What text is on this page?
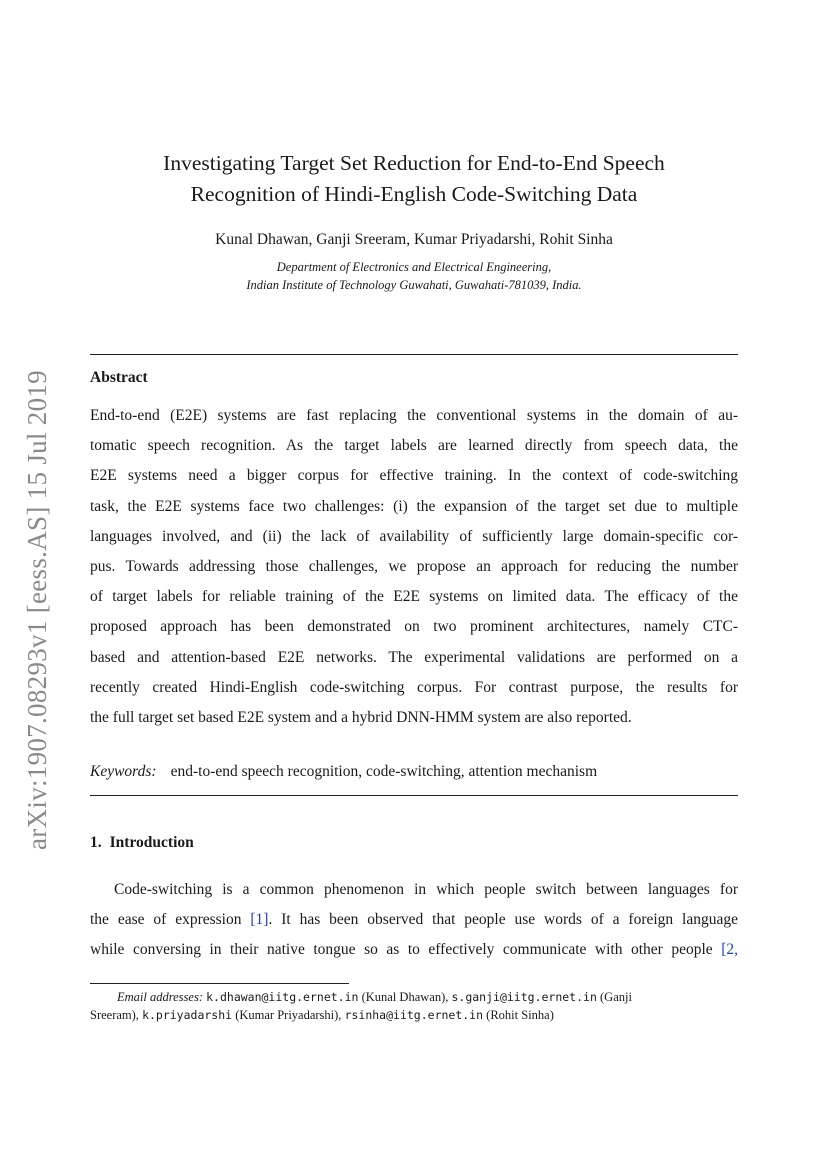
arXiv:1907.08293v1 [eess.AS] 15 Jul 2019
Investigating Target Set Reduction for End-to-End Speech
Recognition of Hindi-English Code-Switching Data
Kunal Dhawan, Ganji Sreeram, Kumar Priyadarshi, Rohit Sinha
Department of Electronics and Electrical Engineering,
Indian Institute of Technology Guwahati, Guwahati-781039, India.
Abstract

End-to-end (E2E) systems are fast replacing the conventional systems in the domain of au-
tomatic speech recognition. As the target labels are learned directly from speech data, the
E2E systems need a bigger corpus for effective training. In the context of code-switching
task, the E2E systems face two challenges: (i) the expansion of the target set due to multiple
languages involved, and (ii) the lack of availability of sufficiently large domain-specific cor-
pus. Towards addressing those challenges, we propose an approach for reducing the number
of target labels for reliable training of the E2E systems on limited data. The efficacy of the
proposed approach has been demonstrated on two prominent architectures, namely CTC-
based and attention-based E2E networks. The experimental validations are performed on a
recently created Hindi-English code-switching corpus. For contrast purpose, the results for
the full target set based E2E system and a hybrid DNN-HMM system are also reported.

Keywords: end-to-end speech recognition, code-switching, attention mechanism
1. Introduction

Code-switching is a common phenomenon in which people switch between languages for
the ease of expression [1]. It has been observed that people use words of a foreign language
while conversing in their native tongue so as to effectively communicate with other people [2,

Email addresses: k.dhawan@iitg.ernet.in (Kunal Dhawan), s.ganji@iitg.ernet.in (Ganji
Sreeram), k.priyadarshi (Kumar Priyadarshi), rsinha@iitg.ernet.in (Rohit Sinha)
